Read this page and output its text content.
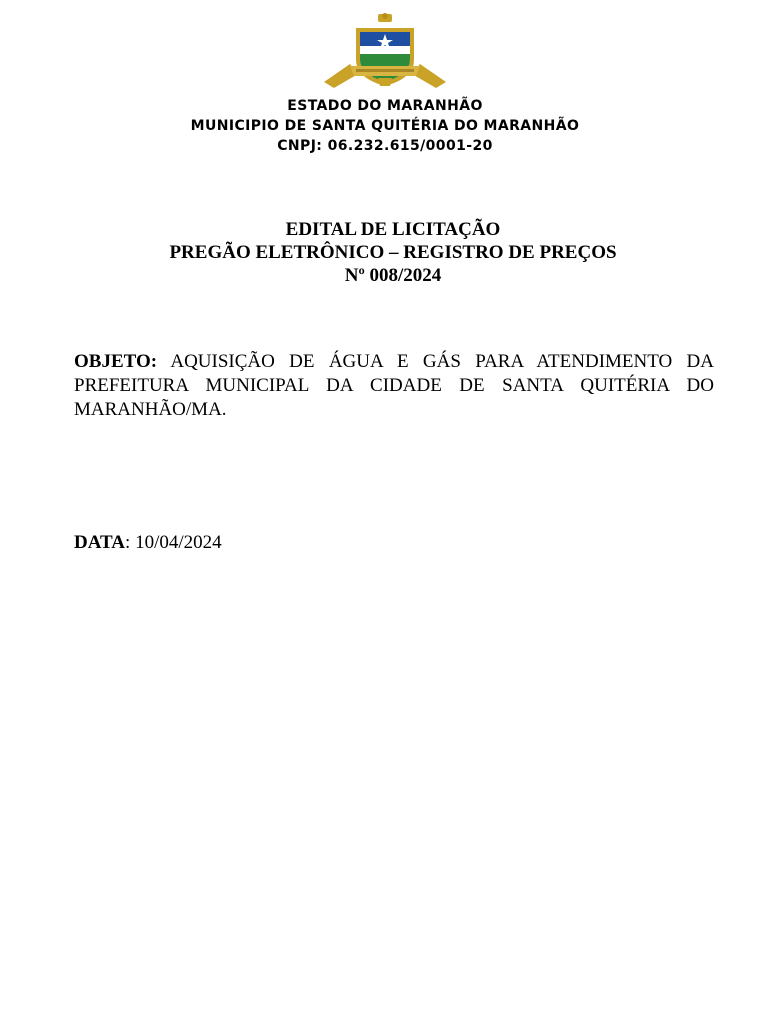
ESTADO DO MARANHÃO
MUNICIPIO DE SANTA QUITÉRIA DO MARANHÃO
CNPJ: 06.232.615/0001-20
EDITAL DE LICITAÇÃO
PREGÃO ELETRÔNICO – REGISTRO DE PREÇOS
Nº 008/2024
OBJETO: AQUISIÇÃO DE ÁGUA E GÁS PARA ATENDIMENTO DA PREFEITURA MUNICIPAL DA CIDADE DE SANTA QUITÉRIA DO MARANHÃO/MA.
DATA: 10/04/2024
